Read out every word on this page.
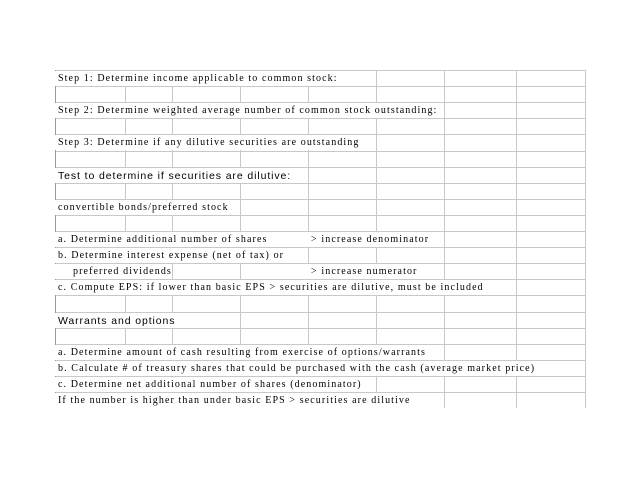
Step 1: Determine income applicable to common stock:
Step 2: Determine weighted average number of common stock outstanding:
Step 3: Determine if any dilutive securities are outstanding
Test to determine if securities are dilutive:
convertible bonds/preferred stock
a. Determine additional number of shares	> increase denominator
b. Determine interest expense (net of tax) or
preferred dividends	> increase numerator
c. Compute EPS: if lower than basic EPS > securities are dilutive, must be included
Warrants and options
a. Determine amount of cash resulting from exercise of options/warrants
b. Calculate # of treasury shares that could be purchased with the cash (average market price)
c. Determine net additional number of shares (denominator)
If the number is higher than under basic EPS > securities are dilutive
